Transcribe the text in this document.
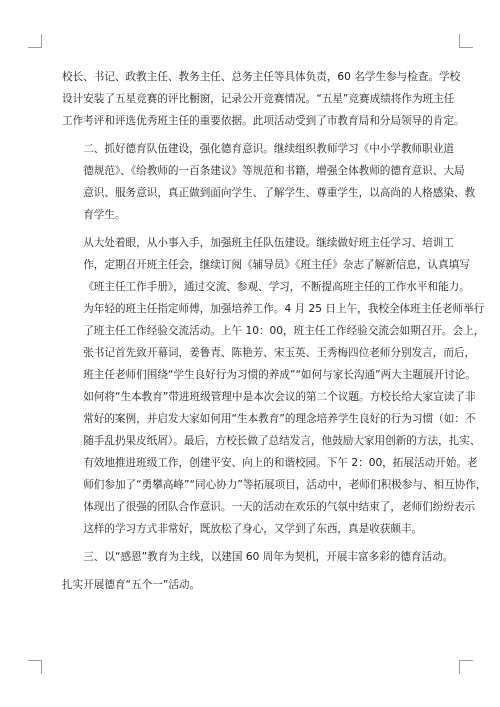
校长、书记、政教主任、教务主任、总务主任等具体负责，60 名学生参与检查。学校
设计安装了五星竞赛的评比橱窗，记录公开竞赛情况。“五星”竞赛成绩将作为班主任
工作考评和评选优秀班主任的重要依据。此项活动受到了市教育局和分局领导的肯定。

二、抓好德育队伍建设，强化德育意识。继续组织教师学习《中小学教师职业道
德规范》、《给教师的一百条建议》等规范和书籍，增强全体教师的德育意识、大局
意识、服务意识，真正做到面向学生、了解学生、尊重学生，以高尚的人格感染、教
育学生。

从大处着眼，从小事入手，加强班主任队伍建设。继续做好班主任学习、培训工
作，定期召开班主任会，继续订阅《辅导员》《班主任》杂志了解新信息，认真填写
《班主任工作手册》，通过交流、参观、学习，不断提高班主任的工作水平和能力。
为年轻的班主任指定师傅，加强培养工作。4 月 25 日上午，我校全体班主任老师举行
了班主任工作经验交流活动。上午 10：00，班主任工作经验交流会如期召开。会上，
张书记首先致开幕词，姜鲁青、陈艳芳、宋玉英、王秀梅四位老师分别发言，而后，
班主任老师们围绕“学生良好行为习惯的养成”“如何与家长沟通”两大主题展开讨论。
如何将“生本教育”带进班级管理中是本次会议的第二个议题。方校长给大家宣读了非
常好的案例，并启发大家如何用“生本教育”的理念培养学生良好的行为习惯（如：不
随手乱扔果皮纸屑）。最后，方校长做了总结发言，他鼓励大家用创新的方法，扎实、
有效地推进班级工作，创建平安、向上的和谐校园。下午 2：00，拓展活动开始。老
师们参加了“勇攀高峰”“同心协力”等拓展项目，活动中，老师们积极参与、相互协作，
体现出了很强的团队合作意识。一天的活动在欢乐的气氛中结束了，老师们纷纷表示
这样的学习方式非常好，既放松了身心，又学到了东西，真是收获颇丰。

三、以“感恩”教育为主线，以建国 60 周年为契机，开展丰富多彩的德育活动。

扎实开展德育“五个一”活动。
